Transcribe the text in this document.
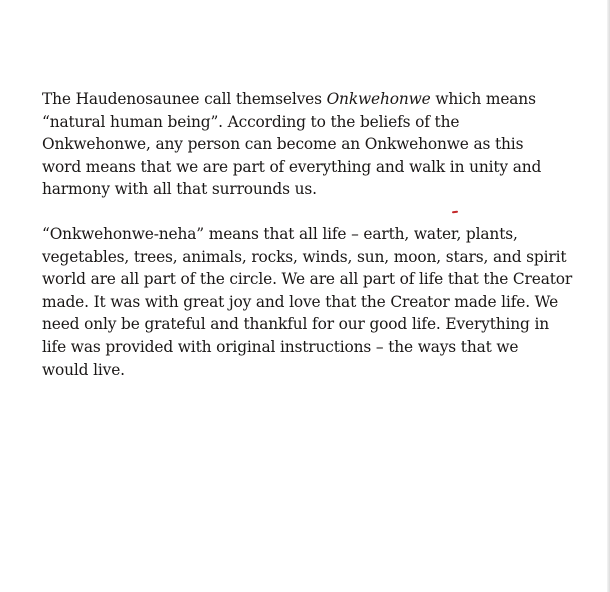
The Haudenosaunee call themselves Onkwehonwe which means
“natural human being”. According to the beliefs of the
Onkwehonwe, any person can become an Onkwehonwe as this
word means that we are part of everything and walk in unity and
harmony with all that surrounds us.
“Onkwehonwe-neha” means that all life – earth, water, plants,
vegetables, trees, animals, rocks, winds, sun, moon, stars, and spirit
world are all part of the circle. We are all part of life that the Creator
made. It was with great joy and love that the Creator made life. We
need only be grateful and thankful for our good life. Everything in
life was provided with original instructions – the ways that we
would live.
